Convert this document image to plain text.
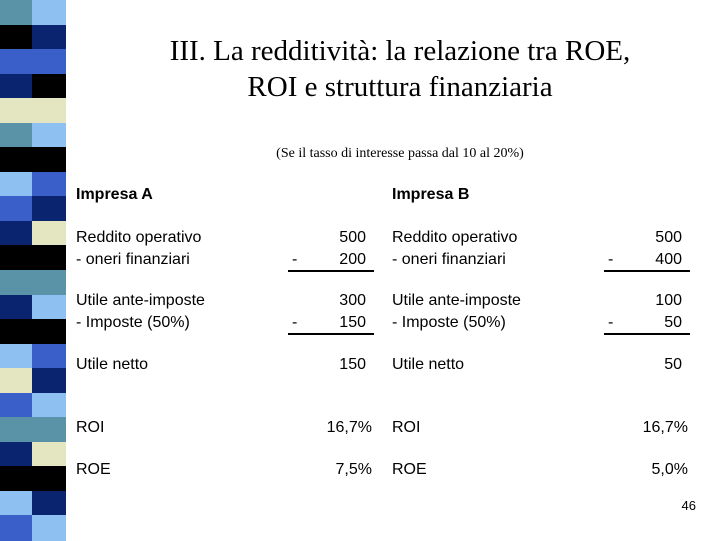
III. La redditività: la relazione tra ROE,
ROI e struttura finanziaria
(Se il tasso di interesse passa dal 10 al 20%)
Impresa A
Reddito operativo	500
- oneri finanziari	-	200
Utile ante-imposte	300
- Imposte (50%)	-	150
Utile netto	150
ROI	16,7%
ROE	7,5%
Impresa B
Reddito operativo	500
- oneri finanziari	-	400
Utile ante-imposte	100
- Imposte (50%)	-	50
Utile netto	50
ROI	16,7%
ROE	5,0%
46
